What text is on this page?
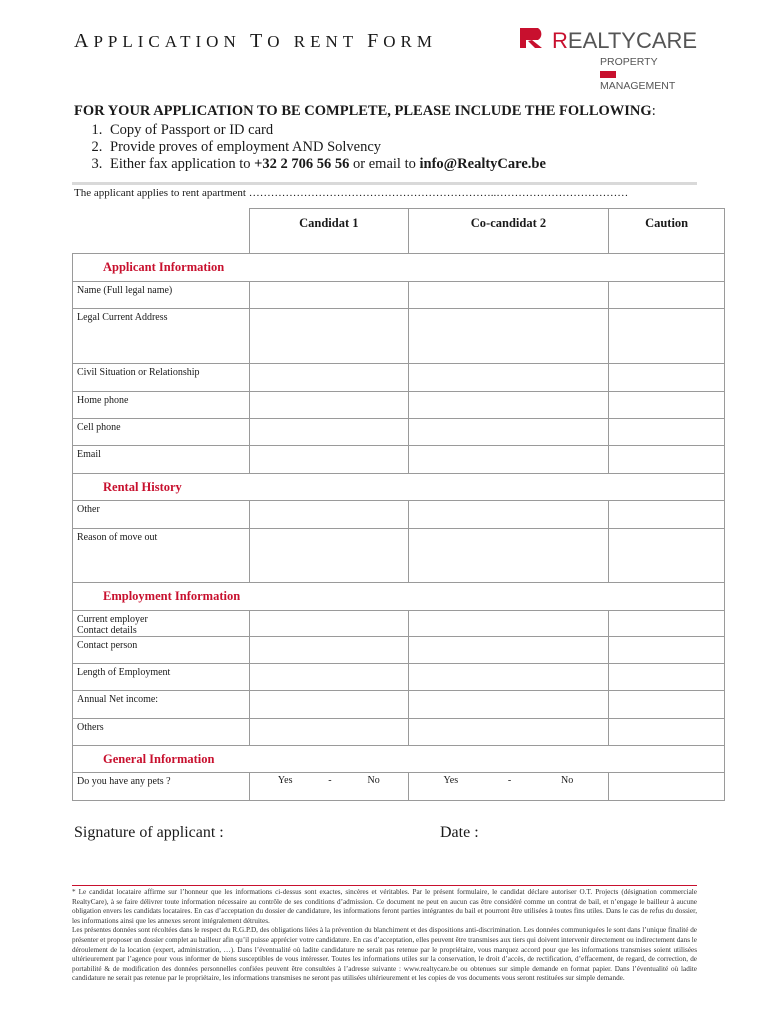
APPLICATION TO RENT FORM	REALTYCARE
PROPERTY
MANAGEMENT
FOR YOUR APPLICATION TO BE COMPLETE, PLEASE INCLUDE THE FOLLOWING:
1. Copy of Passport or ID card
2. Provide proves of employment AND Solvency
3. Either fax application to +32 2 706 56 56 or email to info@RealtyCare.be
The applicant applies to rent apartment …………………………………………………………..………………………………
	Candidat 1	Co-candidat 2	Caution
Applicant Information			
Name (Full legal name)			
Legal Current Address			
Civil Situation or Relationship			
Home phone			
Cell phone			
Email			
Rental History			
Other			
Reason of move out			
Employment Information			

Current employer
Contact details			

Contact person			
Length of Employment			
Annual Net income:			
Others			
General Information			
Do you have any pets ?	Yes - No	Yes - No	

Signature of applicant :	Date :

* Le candidat locataire affirme sur l’honneur que les informations ci-dessus sont exactes, sincères et véritables. Par le présent formulaire, le candidat déclare autoriser O.T. Projects (désignation commerciale RealtyCare), à se faire délivrer toute information nécessaire au contrôle de ses conditions d’admission. Ce document ne peut en aucun cas être considéré comme un contrat de bail, et n’engage le bailleur à aucune obligation envers les candidats locataires. En cas d’acceptation du dossier de candidature, les informations feront parties intégrantes du bail et pourront être utilisées à toutes fins utiles. Dans le cas de refus du dossier, les informations ainsi que les annexes seront intégralement détruites.

Les présentes données sont récoltées dans le respect du R.G.P.D, des obligations liées à la prévention du blanchiment et des dispositions anti-discrimination. Les données communiquées le sont dans l’unique finalité de présenter et proposer un dossier complet au bailleur afin qu’il puisse apprécier votre candidature. En cas d’acceptation, elles peuvent être transmises aux tiers qui doivent intervenir directement ou indirectement dans le déroulement de la location (expert, administration, …). Dans l’éventualité où ladite candidature ne serait pas retenue par le propriétaire, vous marquez accord pour que les informations transmises soient utilisées ultérieurement par l’agence pour vous informer de biens susceptibles de vous intéresser. Toutes les informations utiles sur la conservation, le droit d’accès, de rectification, d’effacement, de regard, de correction, de portabilité & de modification des données personnelles confiées peuvent être consultées à l’adresse suivante : www.realtycare.be ou obtenues sur simple demande en format papier. Dans l’éventualité où ladite candidature ne serait pas retenue par le propriétaire, les informations transmises ne seront pas utilisées ultérieurement et les copies de vos documents vous seront restituées sur simple demande.
